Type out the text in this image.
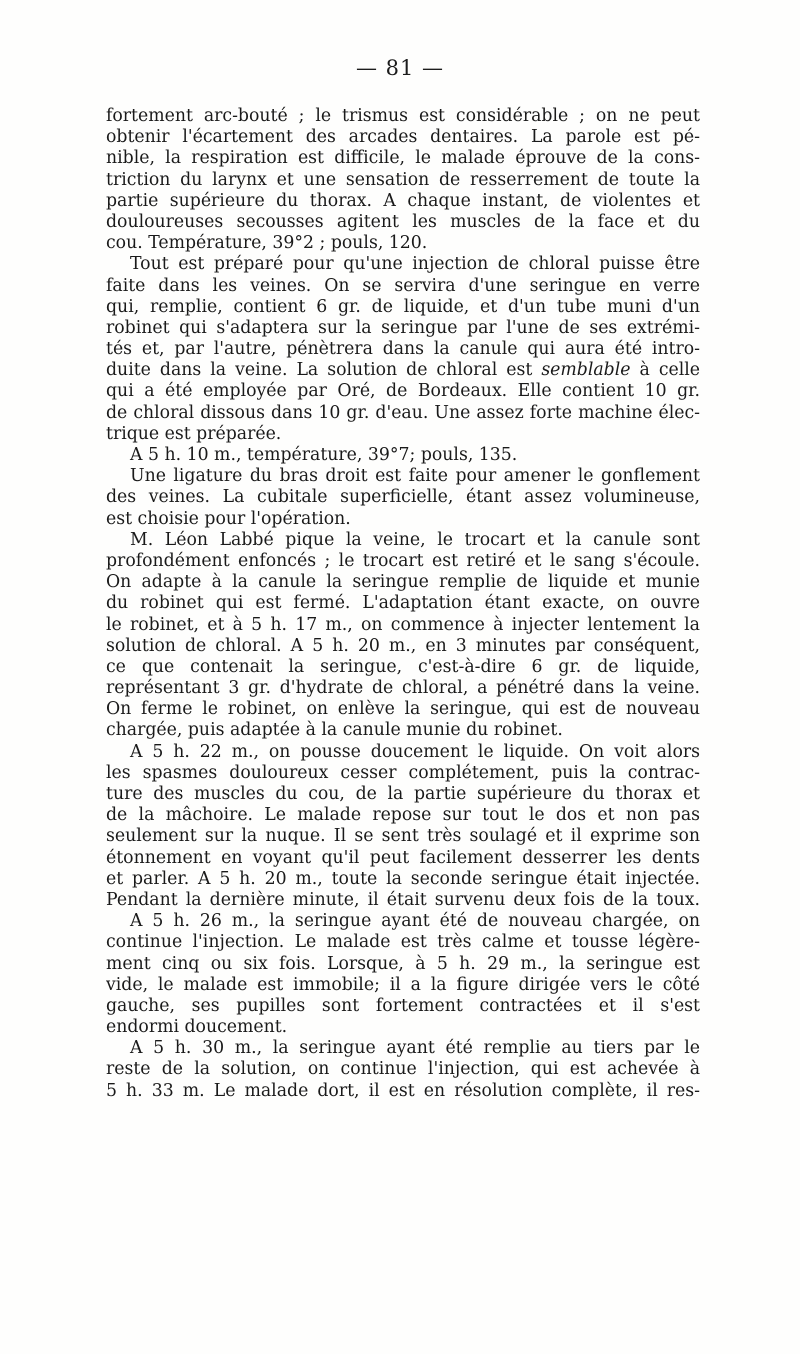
— 81 —
fortement arc-bouté ; le trismus est considérable ; on ne peut
obtenir l'écartement des arcades dentaires. La parole est pé-
nible, la respiration est difficile, le malade éprouve de la cons-
triction du larynx et une sensation de resserrement de toute la
partie supérieure du thorax. A chaque instant, de violentes et
douloureuses secousses agitent les muscles de la face et du
cou. Température, 39°2 ; pouls, 120.
Tout est préparé pour qu'une injection de chloral puisse être
faite dans les veines. On se servira d'une seringue en verre
qui, remplie, contient 6 gr. de liquide, et d'un tube muni d'un
robinet qui s'adaptera sur la seringue par l'une de ses extrémi-
tés et, par l'autre, pénètrera dans la canule qui aura été intro-
duite dans la veine. La solution de chloral est semblable à celle
qui a été employée par Oré, de Bordeaux. Elle contient 10 gr.
de chloral dissous dans 10 gr. d'eau. Une assez forte machine élec-
trique est préparée.
A 5 h. 10 m., température, 39°7; pouls, 135.
Une ligature du bras droit est faite pour amener le gonflement
des veines. La cubitale superficielle, étant assez volumineuse,
est choisie pour l'opération.
M. Léon Labbé pique la veine, le trocart et la canule sont
profondément enfoncés ; le trocart est retiré et le sang s'écoule.
On adapte à la canule la seringue remplie de liquide et munie
du robinet qui est fermé. L'adaptation étant exacte, on ouvre
le robinet, et à 5 h. 17 m., on commence à injecter lentement la
solution de chloral. A 5 h. 20 m., en 3 minutes par conséquent,
ce que contenait la seringue, c'est-à-dire 6 gr. de liquide,
représentant 3 gr. d'hydrate de chloral, a pénétré dans la veine.
On ferme le robinet, on enlève la seringue, qui est de nouveau
chargée, puis adaptée à la canule munie du robinet.
A 5 h. 22 m., on pousse doucement le liquide. On voit alors
les spasmes douloureux cesser complétement, puis la contrac-
ture des muscles du cou, de la partie supérieure du thorax et
de la mâchoire. Le malade repose sur tout le dos et non pas
seulement sur la nuque. Il se sent très soulagé et il exprime son
étonnement en voyant qu'il peut facilement desserrer les dents
et parler. A 5 h. 20 m., toute la seconde seringue était injectée.
Pendant la dernière minute, il était survenu deux fois de la toux.
A 5 h. 26 m., la seringue ayant été de nouveau chargée, on
continue l'injection. Le malade est très calme et tousse légère-
ment cinq ou six fois. Lorsque, à 5 h. 29 m., la seringue est
vide, le malade est immobile; il a la figure dirigée vers le côté
gauche, ses pupilles sont fortement contractées et il s'est
endormi doucement.
A 5 h. 30 m., la seringue ayant été remplie au tiers par le
reste de la solution, on continue l'injection, qui est achevée à
5 h. 33 m. Le malade dort, il est en résolution complète, il res-
